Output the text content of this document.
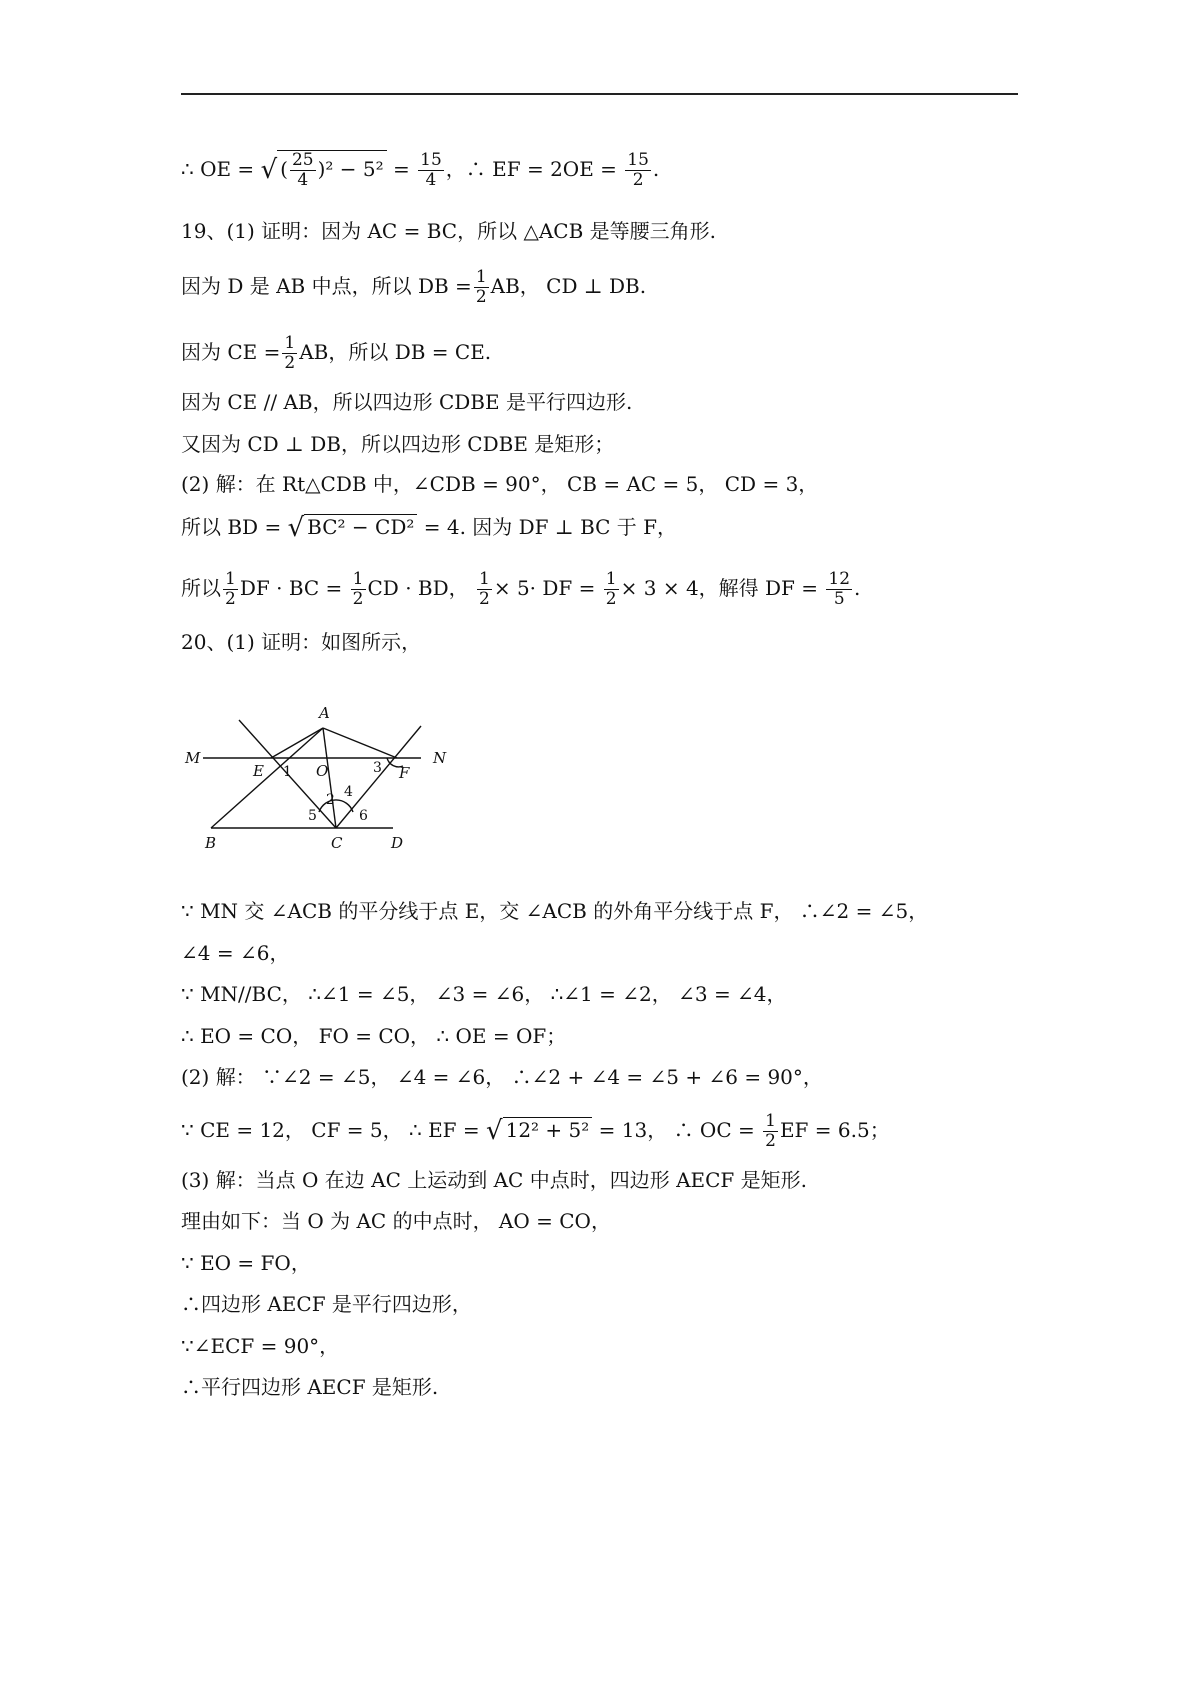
∴ OE = √ ( $\frac{25}{4} )^2 - 5^2 = \frac{15}{4}$ ，∴ EF = $2OE = \frac{15}{2}$ .
19、(1) 证明：因为 AC = BC，所以 △ACB 是等腰三角形.
因为 D 是 AB 中点，所以 DB = $\frac{1}{2}$ AB， CD ⊥ DB.
因为 CE = $\frac{1}{2}$ AB，所以 DB = CE.
因为 CE // AB，所以四边形 CDBE 是平行四边形.
又因为 CD ⊥ DB，所以四边形 CDBE 是矩形；
(2) 解：在 Rt△CDB 中，∠CDB = 90°， CB = AC = 5， CD = 3，
所以 BD = √ BC² − CD² = 4. 因为 DF ⊥ BC 于 F，
所以 $\frac{1}{2}$ DF · BC = $\frac{1}{2}$ CD · BD， $\frac{1}{2} \times 5\cdot$ DF = $\frac{1}{2} \times 3 \times 4$，解得 DF = $\frac{12}{5}$ .
20、(1) 证明：如图所示，
A
M	N
E	O	F
B	C	D
1
2
3
4
5	6
∵ MN 交 ∠ACB 的平分线于点 E，交 ∠ACB 的外角平分线于点 F， ∴∠2 = ∠5，
∠4 = ∠6，
∵ MN//BC， ∴∠1 = ∠5， ∠3 = ∠6， ∴∠1 = ∠2， ∠3 = ∠4，
∴ EO = CO， FO = CO， ∴ OE = OF；
(2) 解： ∵∠2 = ∠5， ∠4 = ∠6， ∴∠2 + ∠4 = ∠5 + ∠6 = 90°，
∵ CE = 12， CF = 5， ∴ EF = √ 12² + 5² = 13， ∴ OC = $\frac{1}{2}$ EF = 6.5；
(3) 解：当点 O 在边 AC 上运动到 AC 中点时，四边形 AECF 是矩形.
理由如下：当 O 为 AC 的中点时， AO = CO，
∵ EO = FO，
∴四边形 AECF 是平行四边形，
∵∠ECF = 90°，
∴平行四边形 AECF 是矩形.
